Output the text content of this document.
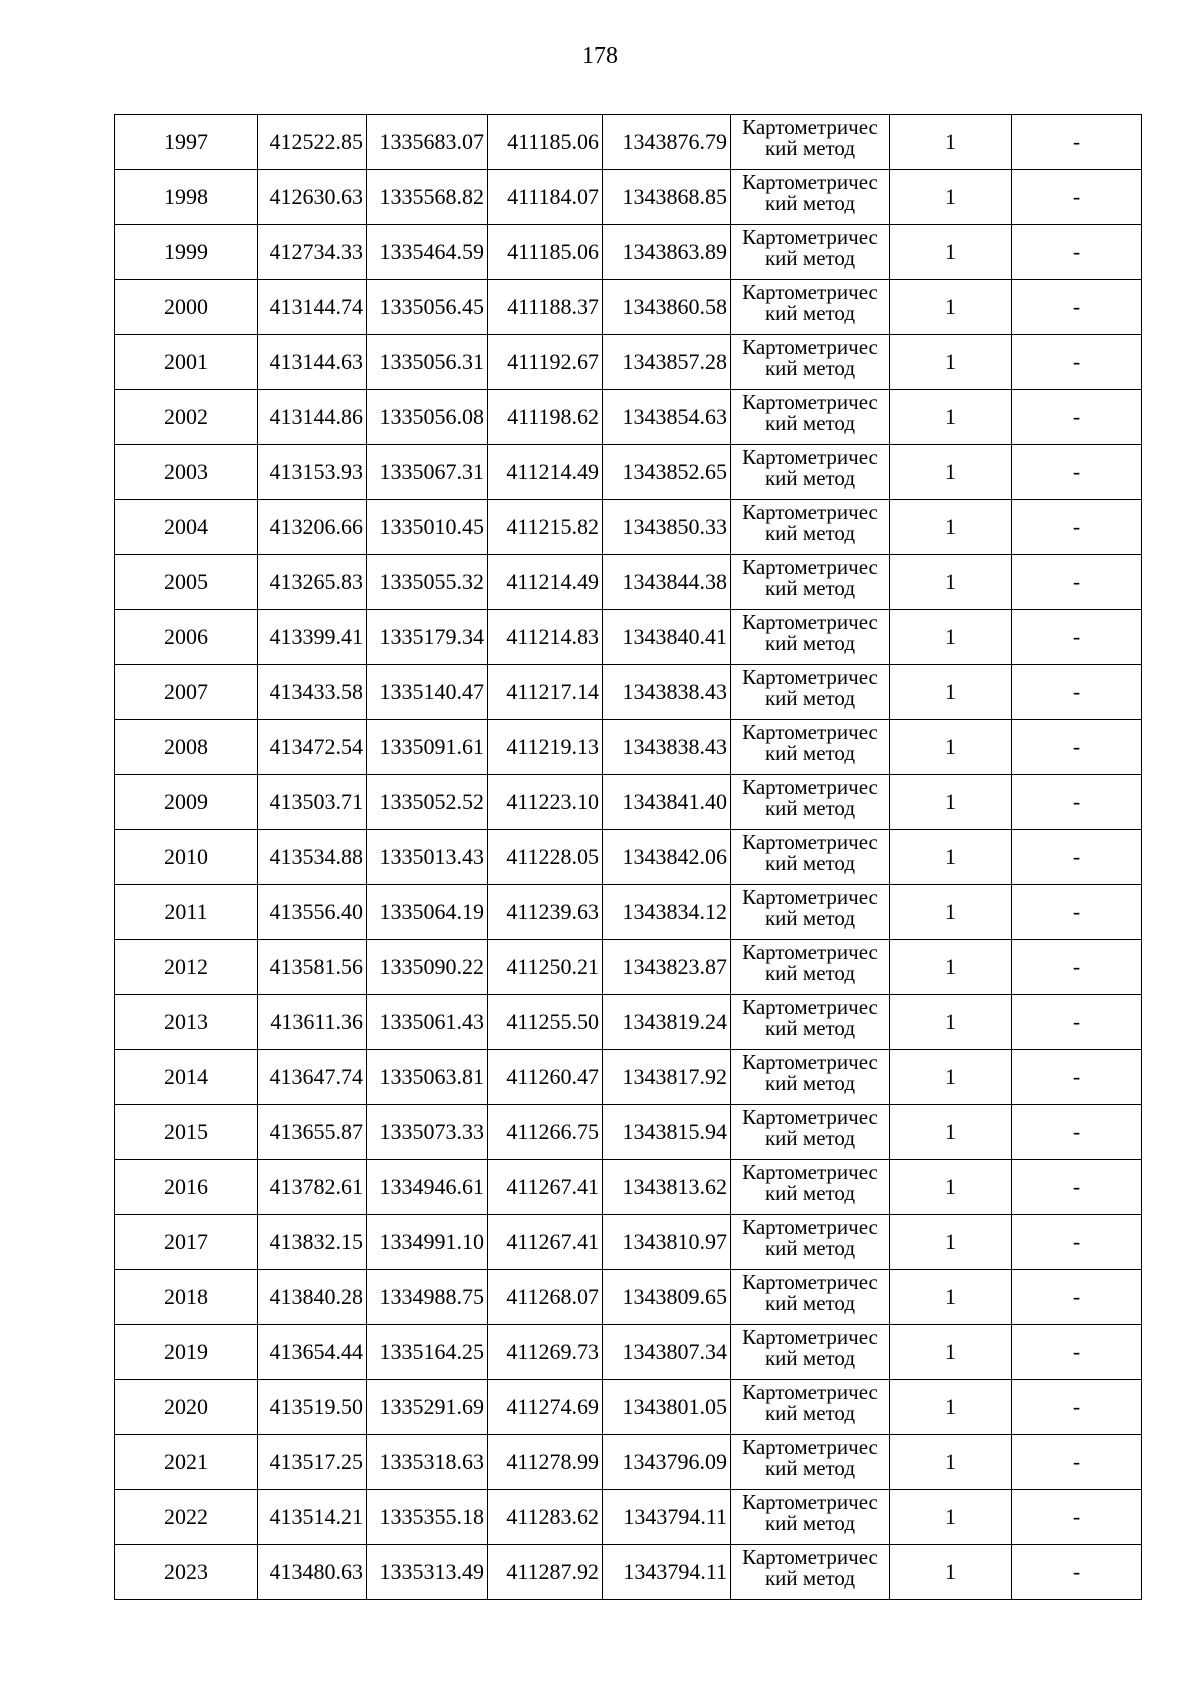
178
1997	412522.85	1335683.07	411185.06	1343876.79	Картометричес
кий метод	1	-
1998	412630.63	1335568.82	411184.07	1343868.85	Картометричес
кий метод	1	-
1999	412734.33	1335464.59	411185.06	1343863.89	Картометричес
кий метод	1	-
2000	413144.74	1335056.45	411188.37	1343860.58	Картометричес
кий метод	1	-
2001	413144.63	1335056.31	411192.67	1343857.28	Картометричес
кий метод	1	-
2002	413144.86	1335056.08	411198.62	1343854.63	Картометричес
кий метод	1	-
2003	413153.93	1335067.31	411214.49	1343852.65	Картометричес
кий метод	1	-
2004	413206.66	1335010.45	411215.82	1343850.33	Картометричес
кий метод	1	-
2005	413265.83	1335055.32	411214.49	1343844.38	Картометричес
кий метод	1	-
2006	413399.41	1335179.34	411214.83	1343840.41	Картометричес
кий метод	1	-
2007	413433.58	1335140.47	411217.14	1343838.43	Картометричес
кий метод	1	-
2008	413472.54	1335091.61	411219.13	1343838.43	Картометричес
кий метод	1	-
2009	413503.71	1335052.52	411223.10	1343841.40	Картометричес
кий метод	1	-
2010	413534.88	1335013.43	411228.05	1343842.06	Картометричес
кий метод	1	-
2011	413556.40	1335064.19	411239.63	1343834.12	Картометричес
кий метод	1	-
2012	413581.56	1335090.22	411250.21	1343823.87	Картометричес
кий метод	1	-
2013	413611.36	1335061.43	411255.50	1343819.24	Картометричес
кий метод	1	-
2014	413647.74	1335063.81	411260.47	1343817.92	Картометричес
кий метод	1	-
2015	413655.87	1335073.33	411266.75	1343815.94	Картометричес
кий метод	1	-
2016	413782.61	1334946.61	411267.41	1343813.62	Картометричес
кий метод	1	-
2017	413832.15	1334991.10	411267.41	1343810.97	Картометричес
кий метод	1	-
2018	413840.28	1334988.75	411268.07	1343809.65	Картометричес
кий метод	1	-
2019	413654.44	1335164.25	411269.73	1343807.34	Картометричес
кий метод	1	-
2020	413519.50	1335291.69	411274.69	1343801.05	Картометричес
кий метод	1	-
2021	413517.25	1335318.63	411278.99	1343796.09	Картометричес
кий метод	1	-
2022	413514.21	1335355.18	411283.62	1343794.11	Картометричес
кий метод	1	-
2023	413480.63	1335313.49	411287.92	1343794.11	Картометричес
кий метод	1	-
